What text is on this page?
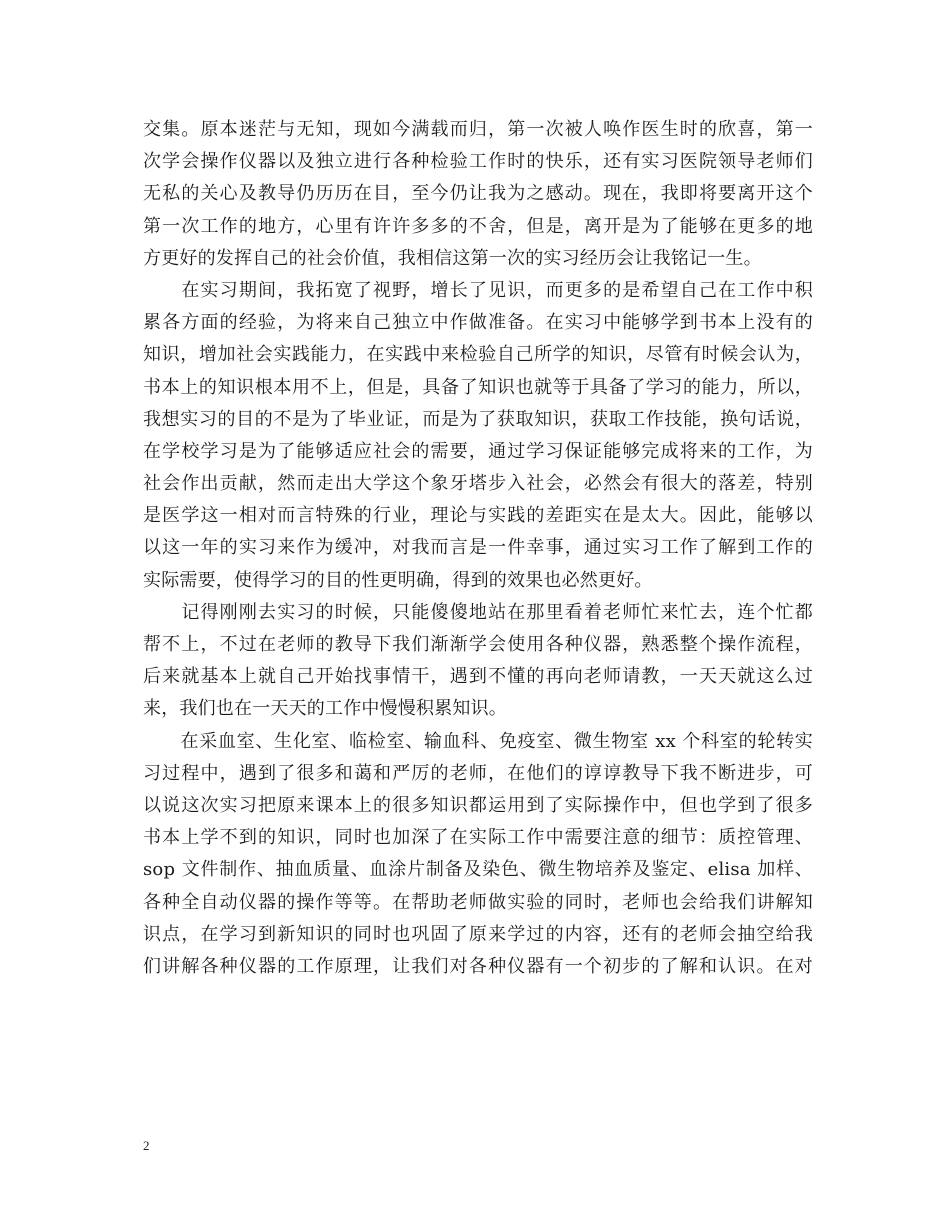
交集。原本迷茫与无知，现如今满载而归，第一次被人唤作医生时的欣喜，第一
次学会操作仪器以及独立进行各种检验工作时的快乐，还有实习医院领导老师们
无私的关心及教导仍历历在目，至今仍让我为之感动。现在，我即将要离开这个
第一次工作的地方，心里有许许多多的不舍，但是，离开是为了能够在更多的地
方更好的发挥自己的社会价值，我相信这第一次的实习经历会让我铭记一生。
　　在实习期间，我拓宽了视野，增长了见识，而更多的是希望自己在工作中积
累各方面的经验，为将来自己独立中作做准备。在实习中能够学到书本上没有的
知识，增加社会实践能力，在实践中来检验自己所学的知识，尽管有时候会认为，
书本上的知识根本用不上，但是，具备了知识也就等于具备了学习的能力，所以，
我想实习的目的不是为了毕业证，而是为了获取知识，获取工作技能，换句话说，
在学校学习是为了能够适应社会的需要，通过学习保证能够完成将来的工作，为
社会作出贡献，然而走出大学这个象牙塔步入社会，必然会有很大的落差，特别
是医学这一相对而言特殊的行业，理论与实践的差距实在是太大。因此，能够以
以这一年的实习来作为缓冲，对我而言是一件幸事，通过实习工作了解到工作的
实际需要，使得学习的目的性更明确，得到的效果也必然更好。
　　记得刚刚去实习的时候，只能傻傻地站在那里看着老师忙来忙去，连个忙都
帮不上，不过在老师的教导下我们渐渐学会使用各种仪器，熟悉整个操作流程，
后来就基本上就自己开始找事情干，遇到不懂的再向老师请教，一天天就这么过
来，我们也在一天天的工作中慢慢积累知识。
　　在采血室、生化室、临检室、输血科、免疫室、微生物室 xx 个科室的轮转实
习过程中，遇到了很多和蔼和严厉的老师，在他们的谆谆教导下我不断进步，可
以说这次实习把原来课本上的很多知识都运用到了实际操作中，但也学到了很多
书本上学不到的知识，同时也加深了在实际工作中需要注意的细节：质控管理、
sop 文件制作、抽血质量、血涂片制备及染色、微生物培养及鉴定、elisa 加样、
各种全自动仪器的操作等等。在帮助老师做实验的同时，老师也会给我们讲解知
识点，在学习到新知识的同时也巩固了原来学过的内容，还有的老师会抽空给我
们讲解各种仪器的工作原理，让我们对各种仪器有一个初步的了解和认识。在对
2
